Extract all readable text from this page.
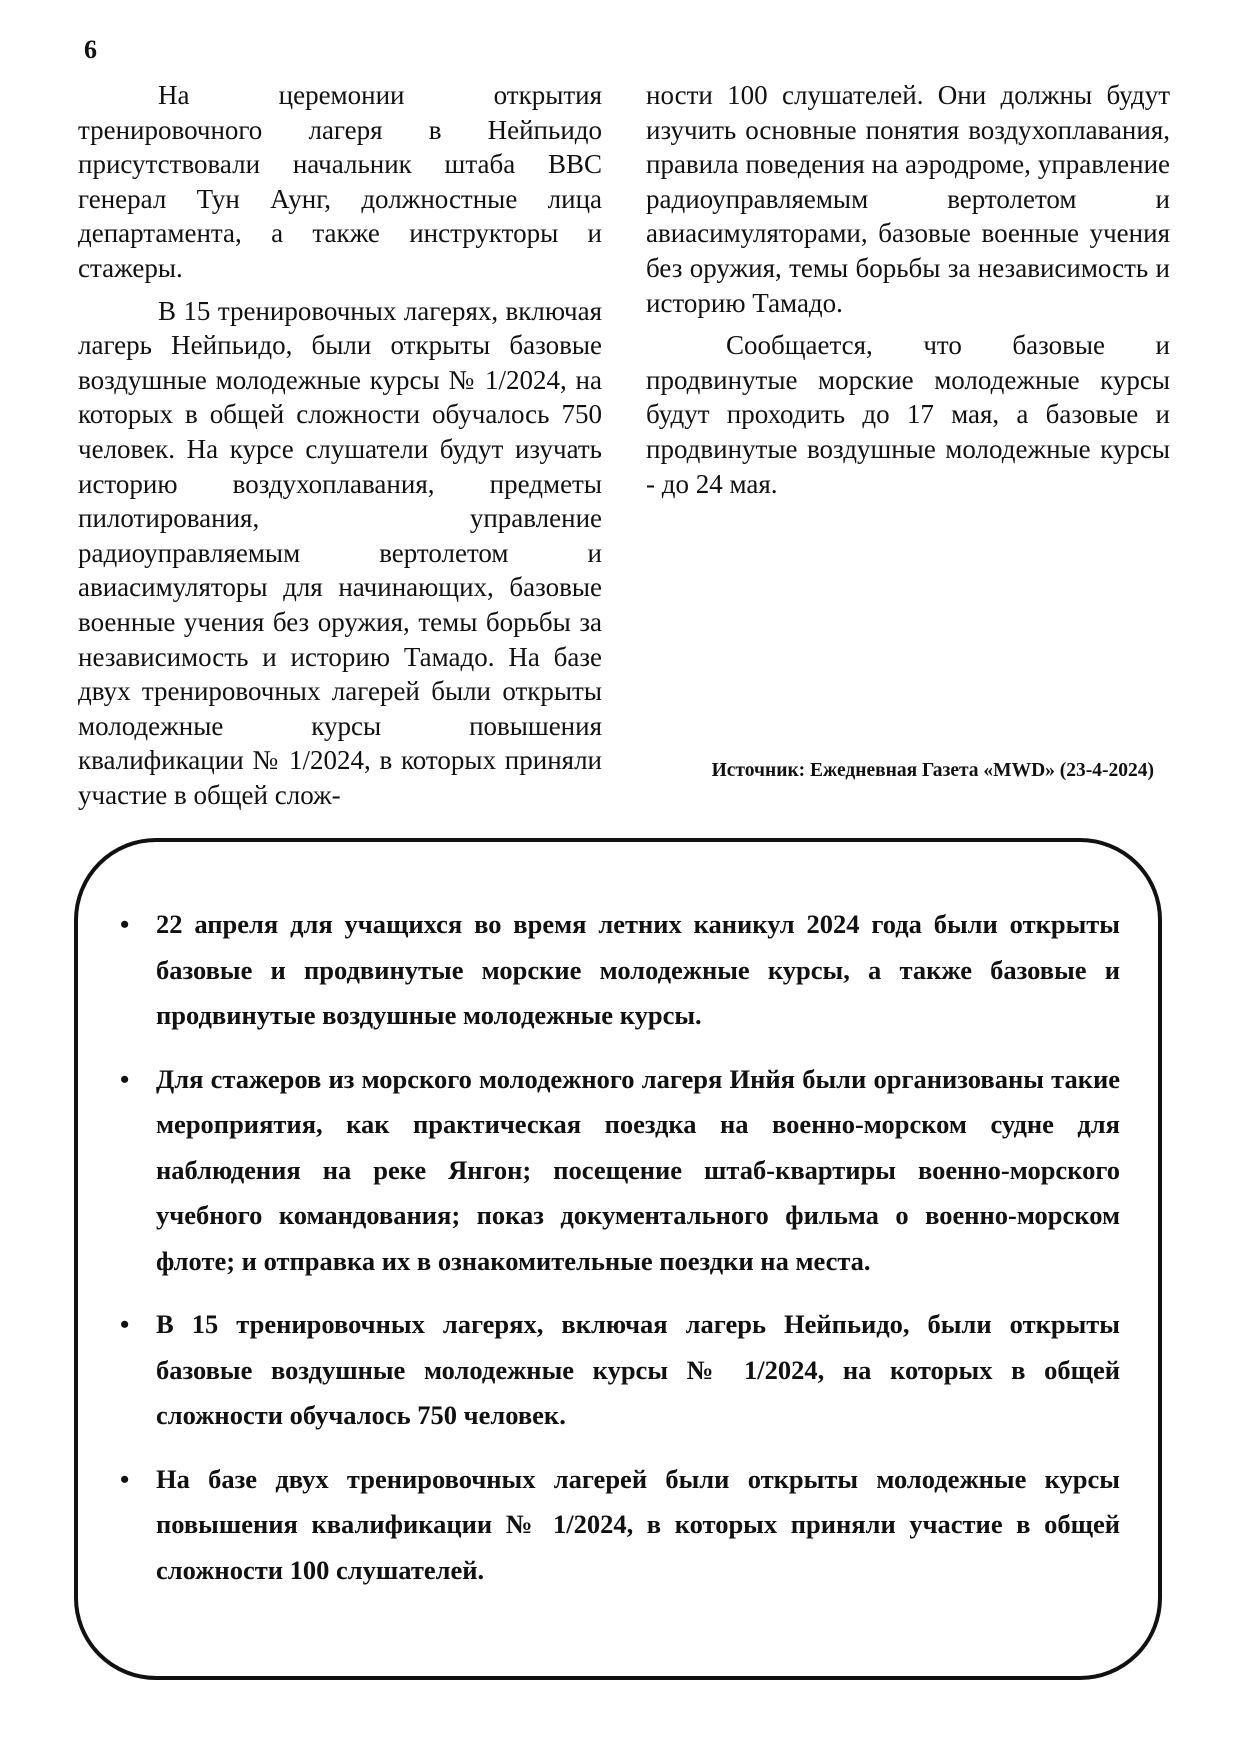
6

На церемонии открытия тренировочного лагеря в Нейпьидо присутствовали начальник штаба ВВС генерал Тун Аунг, должностные лица департамента, а также инструкторы и стажеры.

В 15 тренировочных лагерях, включая лагерь Нейпьидо, были открыты базовые воздушные молодежные курсы № 1/2024, на которых в общей сложности обучалось 750 человек. На курсе слушатели будут изучать историю воздухоплавания, предметы пилотирования, управление радиоуправляемым вертолетом и авиасимуляторы для начинающих, базовые военные учения без оружия, темы борьбы за независимость и историю Тамадо. На базе двух тренировочных лагерей были открыты молодежные курсы повышения квалификации № 1/2024, в которых приняли участие в общей слож-

ности 100 слушателей. Они должны будут изучить основные понятия воздухоплавания, правила поведения на аэродроме, управление радиоуправляемым вертолетом и авиасимуляторами, базовые военные учения без оружия, темы борьбы за независимость и историю Тамадо.

Сообщается, что базовые и продвинутые морские молодежные курсы будут проходить до 17 мая, а базовые и продвинутые воздушные молодежные курсы - до 24 мая.

Источник: Ежедневная Газета «MWD» (23-4-2024)
• 22 апреля для учащихся во время летних каникул 2024 года были открыты базовые и продвинутые морские молодежные курсы, а также базовые и продвинутые воздушные молодежные курсы.
• Для стажеров из морского молодежного лагеря Инйя были организованы такие мероприятия, как практическая поездка на военно-морском судне для наблюдения на реке Янгон; посещение штаб-квартиры военно-морского учебного командования; показ документального фильма о военно-морском флоте; и отправка их в ознакомительные поездки на места.
• В 15 тренировочных лагерях, включая лагерь Нейпьидо, были открыты базовые воздушные молодежные курсы № 1/2024, на которых в общей сложности обучалось 750 человек.
• На базе двух тренировочных лагерей были открыты молодежные курсы повышения квалификации № 1/2024, в которых приняли участие в общей сложности 100 слушателей.
